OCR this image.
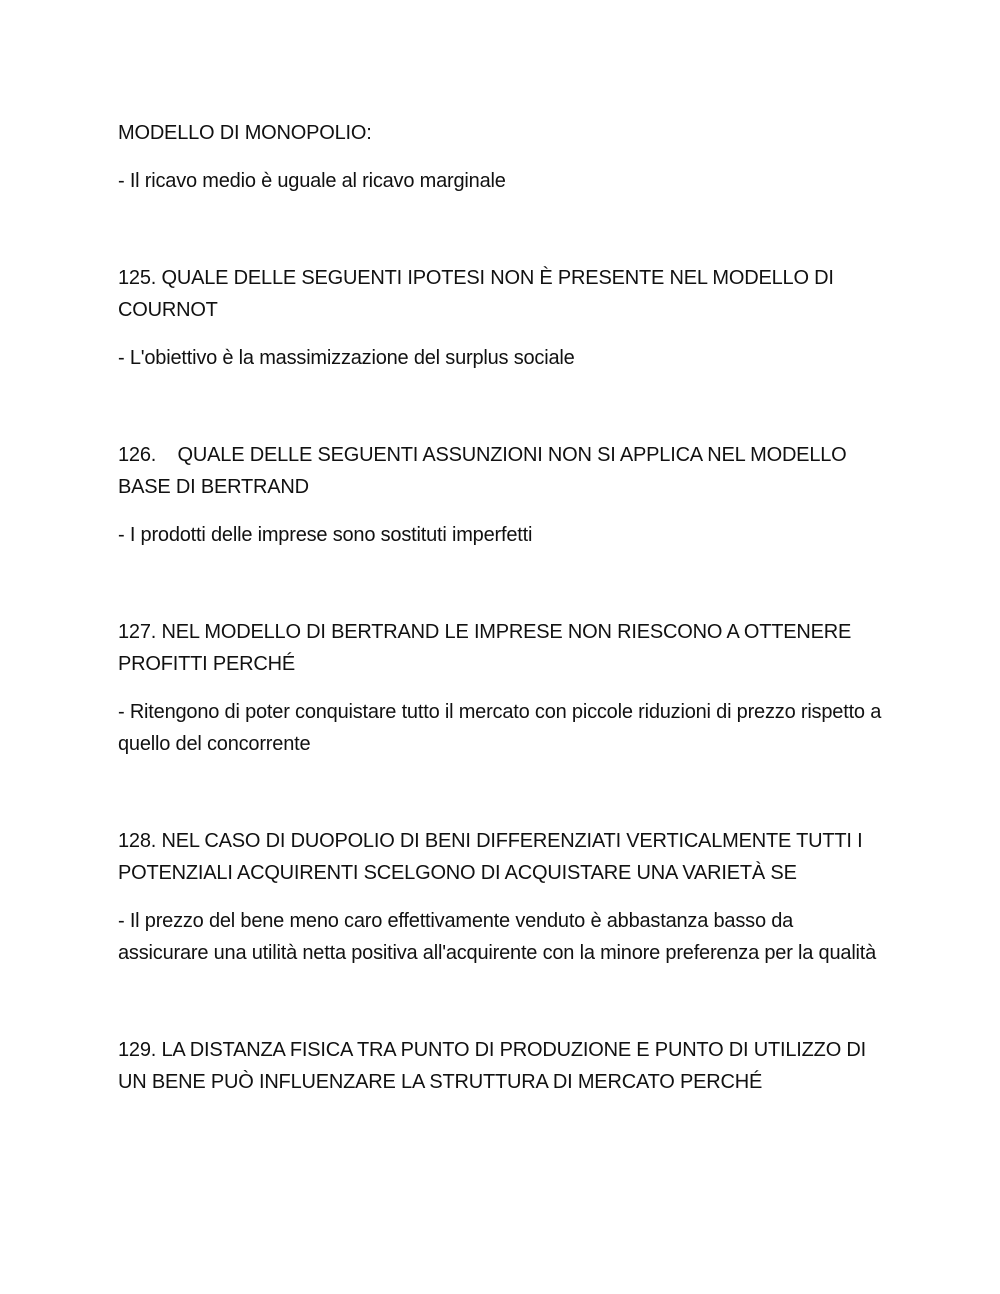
MODELLO DI MONOPOLIO:

- Il ricavo medio è uguale al ricavo marginale

125. QUALE DELLE SEGUENTI IPOTESI NON È PRESENTE NEL MODELLO DI COURNOT

- L'obiettivo è la massimizzazione del surplus sociale

126.    QUALE DELLE SEGUENTI ASSUNZIONI NON SI APPLICA NEL MODELLO BASE DI BERTRAND

- I prodotti delle imprese sono sostituti imperfetti

127. NEL MODELLO DI BERTRAND LE IMPRESE NON RIESCONO A OTTENERE PROFITTI PERCHÉ

- Ritengono di poter conquistare tutto il mercato con piccole riduzioni di prezzo rispetto a quello del concorrente

128. NEL CASO DI DUOPOLIO DI BENI DIFFERENZIATI VERTICALMENTE TUTTI I POTENZIALI ACQUIRENTI SCELGONO DI ACQUISTARE UNA VARIETÀ SE

- Il prezzo del bene meno caro effettivamente venduto è abbastanza basso da assicurare una utilità netta positiva all'acquirente con la minore preferenza per la qualità

129. LA DISTANZA FISICA TRA PUNTO DI PRODUZIONE E PUNTO DI UTILIZZO DI UN BENE PUÒ INFLUENZARE LA STRUTTURA DI MERCATO PERCHÉ
